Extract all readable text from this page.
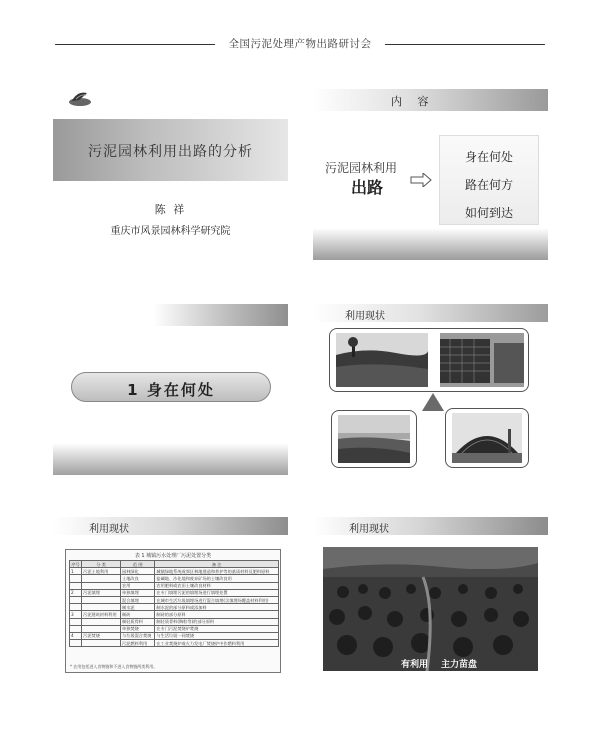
全国污泥处理产物出路研讨会
污泥园林利用出路的分析
陈 祥
重庆市风景园林科学研究院
内 容
污泥园林利用
出路
身在何处
路在何方
如何到达
1 身在何处
利用现状
利用现状
表 1 城镇污水处理厂污泥处置分类
序号	分 类	范 围	备 注
1	污泥土地利用	园林绿化	城镇绿地系统或郊区林地建造和养护等的基质材料及肥料原料
		土地改良	盐碱地、沙化地和废弃矿场的土壤改良用
		农用	农用肥料或农田土壤改良材料
2	污泥填埋	单独填埋	在专门填埋污泥的填埋场进行填埋处置
		混合填埋	在城市生活垃圾填埋场进行混合填埋(含填埋场覆盖材料利用)
		制水泥	制水泥的部分原料或添加料
3	污泥建筑材料利用	制砖	制砖的部分原料
		制轻质骨料	制轻质骨料(陶粒等)的部分原料
		单独焚烧	在专门污泥焚烧炉焚烧
4	污泥焚烧	与垃圾混合焚烧	与生活垃圾一同焚烧
		污泥燃料利用	在工业焚烧炉或火力发电厂焚烧炉中作燃料利用
* 农用包括进入食物链和不进入食物链两类利用。
利用现状
有利用 主力苗盘
